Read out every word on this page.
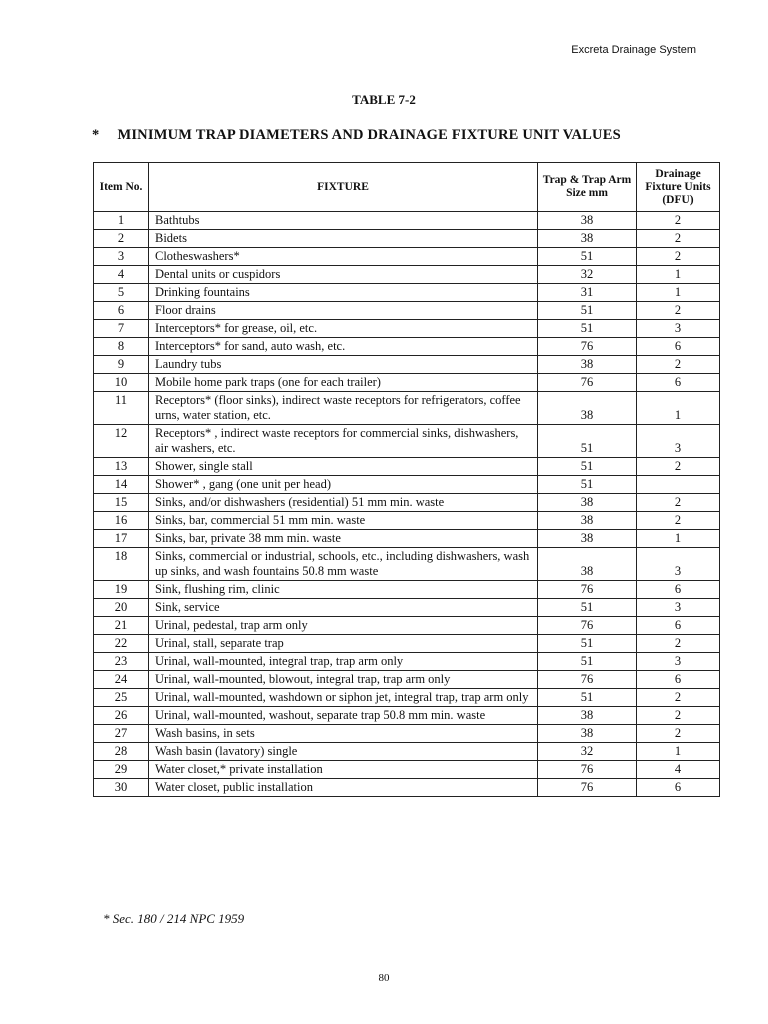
Excreta Drainage System
TABLE 7-2
* MINIMUM TRAP DIAMETERS AND DRAINAGE FIXTURE UNIT VALUES
Item No.	FIXTURE	Trap & Trap Arm Size mm	Drainage Fixture Units (DFU)
1	Bathtubs	38	2
2	Bidets	38	2
3	Clotheswashers*	51	2
4	Dental units or cuspidors	32	1
5	Drinking fountains	31	1
6	Floor drains	51	2
7	Interceptors* for grease, oil, etc.	51	3
8	Interceptors* for sand, auto wash, etc.	76	6
9	Laundry tubs	38	2
10	Mobile home park traps (one for each trailer)	76	6
11	Receptors* (floor sinks), indirect waste receptors for refrigerators, coffee urns, water station, etc.	38	1
12	Receptors* , indirect waste receptors for commercial sinks, dishwashers, air washers, etc.	51	3
13	Shower, single stall	51	2
14	Shower* , gang (one unit per head)	51	
15	Sinks, and/or dishwashers (residential) 51 mm min. waste	38	2
16	Sinks, bar, commercial 51 mm min. waste	38	2
17	Sinks, bar, private 38 mm min. waste	38	1
18	Sinks, commercial or industrial, schools, etc., including dishwashers, wash up sinks, and wash fountains 50.8 mm waste	38	3
19	Sink, flushing rim, clinic	76	6
20	Sink, service	51	3
21	Urinal, pedestal, trap arm only	76	6
22	Urinal, stall, separate trap	51	2
23	Urinal, wall-mounted, integral trap, trap arm only	51	3
24	Urinal, wall-mounted, blowout, integral trap, trap arm only	76	6
25	Urinal, wall-mounted, washdown or siphon jet, integral trap, trap arm only	51	2
26	Urinal, wall-mounted, washout, separate trap 50.8 mm min. waste	38	2
27	Wash basins, in sets	38	2
28	Wash basin (lavatory) single	32	1
29	Water closet,* private installation	76	4
30	Water closet, public installation	76	6
* Sec. 180 / 214 NPC 1959
80
